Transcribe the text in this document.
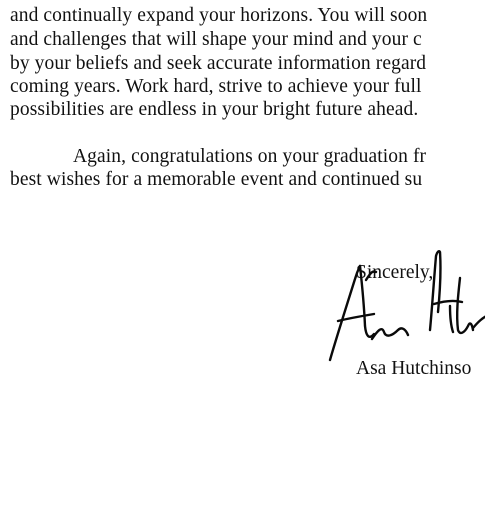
and continually expand your horizons. You will soon
and challenges that will shape your mind and your c
by your beliefs and seek accurate information regard
coming years. Work hard, strive to achieve your full
possibilities are endless in your bright future ahead.
Again, congratulations on your graduation fr
best wishes for a memorable event and continued su
Sincerely,
Asa Hutchinso
